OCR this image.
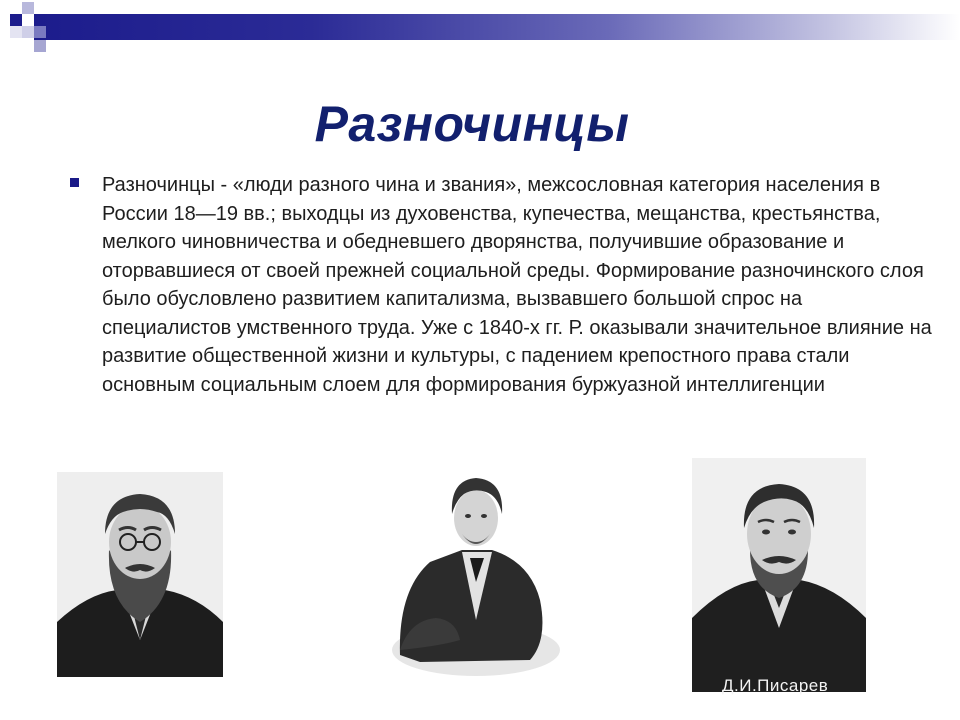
Разночинцы

Разночинцы - «люди разного чина и звания», межсословная категория населения в России 18—19 вв.; выходцы из духовенства, купечества, мещанства, крестьянства, мелкого чиновничества и обедневшего дворянства, получившие образование и оторвавшиеся от своей прежней социальной среды. Формирование разночинского слоя было обусловлено развитием капитализма, вызвавшего большой спрос на специалистов умственного труда. Уже с 1840-х гг. Р. оказывали значительное влияние на развитие общественной жизни и культуры, с падением крепостного права стали основным социальным слоем для формирования буржуазной интеллигенции

Д.И.Писарев
